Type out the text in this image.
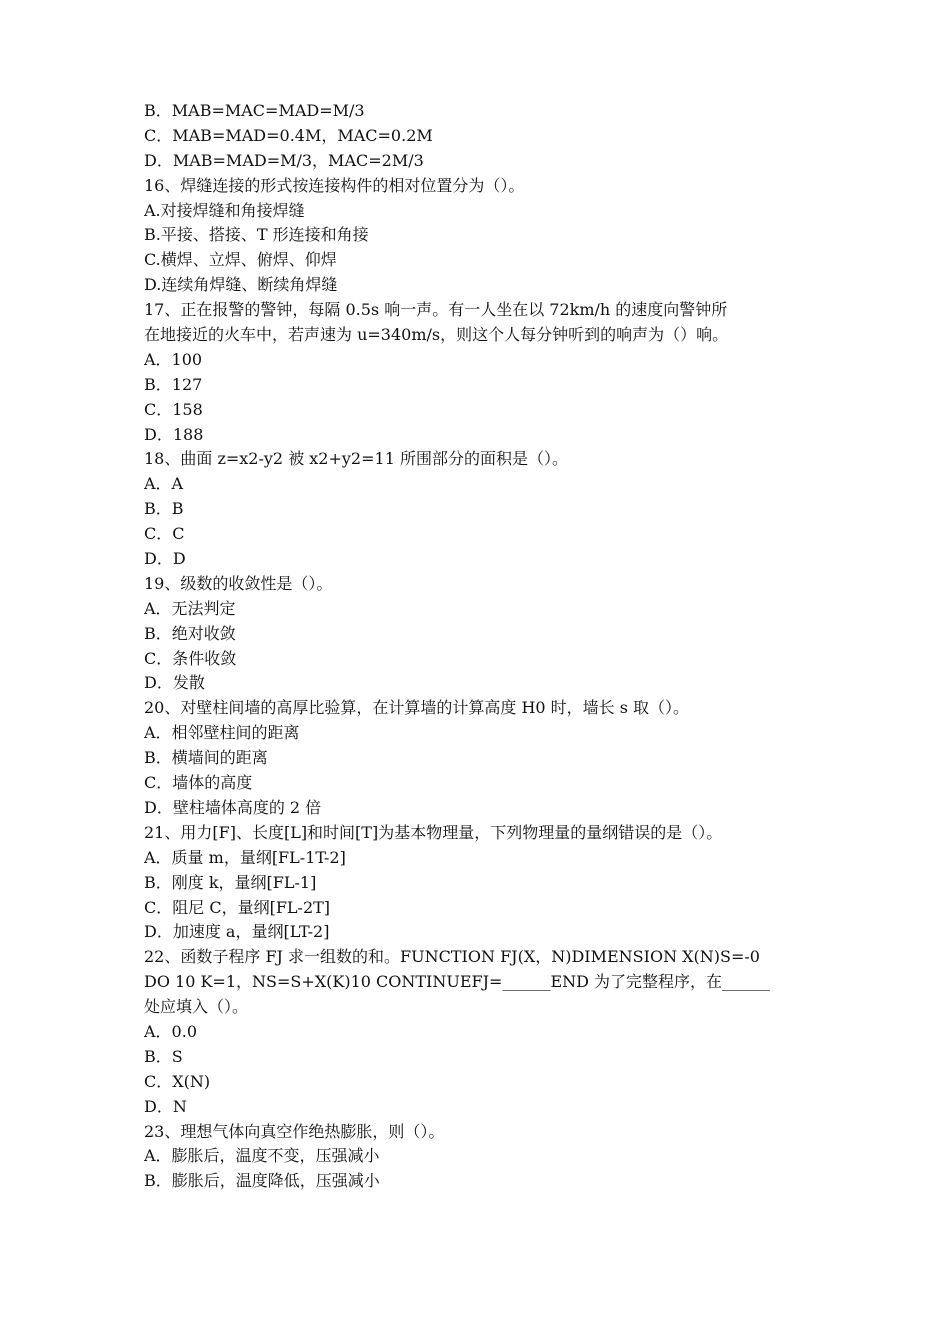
B．MAB=MAC=MAD=M/3
C．MAB=MAD=0.4M，MAC=0.2M
D．MAB=MAD=M/3，MAC=2M/3
16、焊缝连接的形式按连接构件的相对位置分为（）。
A.对接焊缝和角接焊缝
B.平接、搭接、T 形连接和角接
C.横焊、立焊、俯焊、仰焊
D.连续角焊缝、断续角焊缝
17、正在报警的警钟，每隔 0.5s 响一声。有一人坐在以 72km/h 的速度向警钟所
在地接近的火车中，若声速为 u=340m/s，则这个人每分钟听到的响声为（）响。
A．100
B．127
C．158
D．188
18、曲面 z=x2-y2 被 x2+y2=11 所围部分的面积是（）。
A．A
B．B
C．C
D．D
19、级数的收敛性是（）。
A．无法判定
B．绝对收敛
C．条件收敛
D．发散
20、对壁柱间墙的高厚比验算，在计算墙的计算高度 H0 时，墙长 s 取（）。
A．相邻壁柱间的距离
B．横墙间的距离
C．墙体的高度
D．壁柱墙体高度的 2 倍
21、用力[F]、长度[L]和时间[T]为基本物理量，下列物理量的量纲错误的是（）。
A．质量 m，量纲[FL-1T-2]
B．刚度 k，量纲[FL-1]
C．阻尼 C，量纲[FL-2T]
D．加速度 a，量纲[LT-2]
22、函数子程序 FJ 求一组数的和。FUNCTION FJ(X，N)DIMENSION X(N)S=-0
DO 10 K=1，NS=S+X(K)10 CONTINUEFJ=______END 为了完整程序，在______
处应填入（）。
A．0.0
B．S
C．X(N)
D．N
23、理想气体向真空作绝热膨胀，则（）。
A．膨胀后，温度不变，压强减小
B．膨胀后，温度降低，压强减小
